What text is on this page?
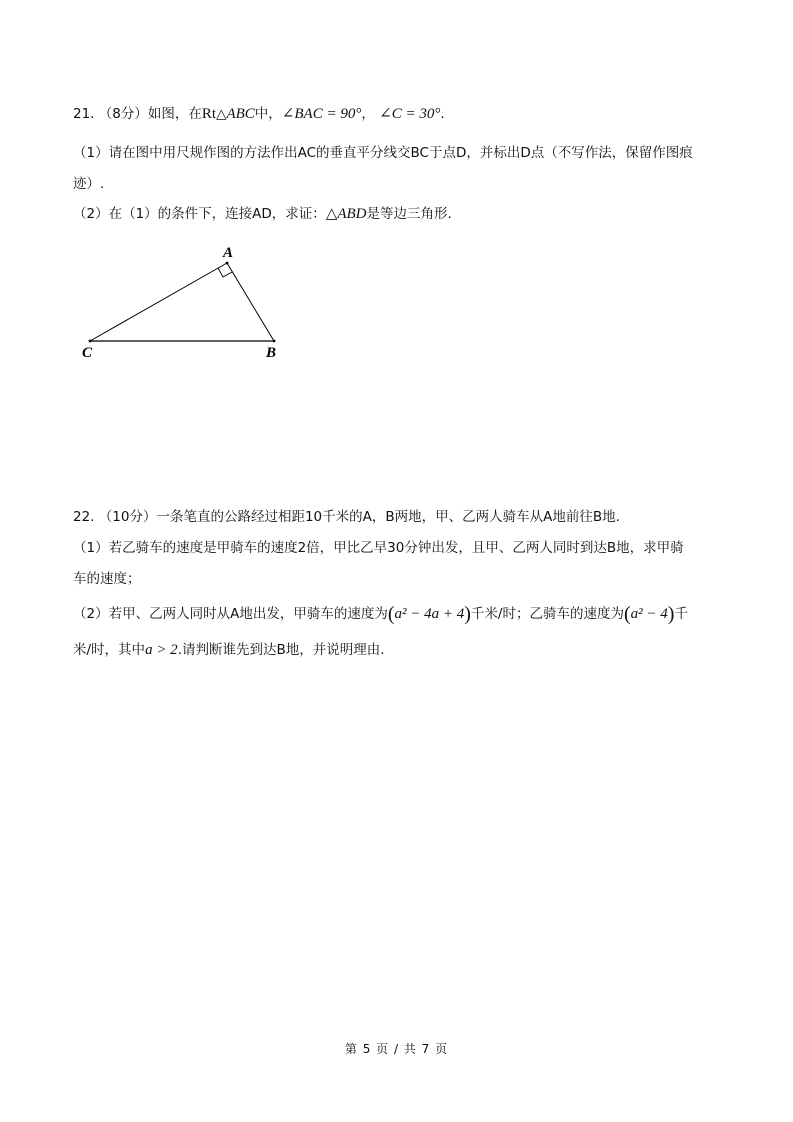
21. （8分）如图，在Rt△ABC中，∠BAC = 90°， ∠C = 30°.
（1）请在图中用尺规作图的方法作出AC的垂直平分线交BC于点D，并标出D点（不写作法，保留作图痕
迹）.
（2）在（1）的条件下，连接AD，求证：△ABD是等边三角形.
A
C	B
22. （10分）一条笔直的公路经过相距10千米的A，B两地，甲、乙两人骑车从A地前往B地.
（1）若乙骑车的速度是甲骑车的速度2倍，甲比乙早30分钟出发，且甲、乙两人同时到达B地，求甲骑
车的速度；
（2）若甲、乙两人同时从A地出发，甲骑车的速度为(a² − 4a + 4)千米/时；乙骑车的速度为(a² − 4)千
米/时，其中a > 2.请判断谁先到达B地，并说明理由.
第 5 页 / 共 7 页
